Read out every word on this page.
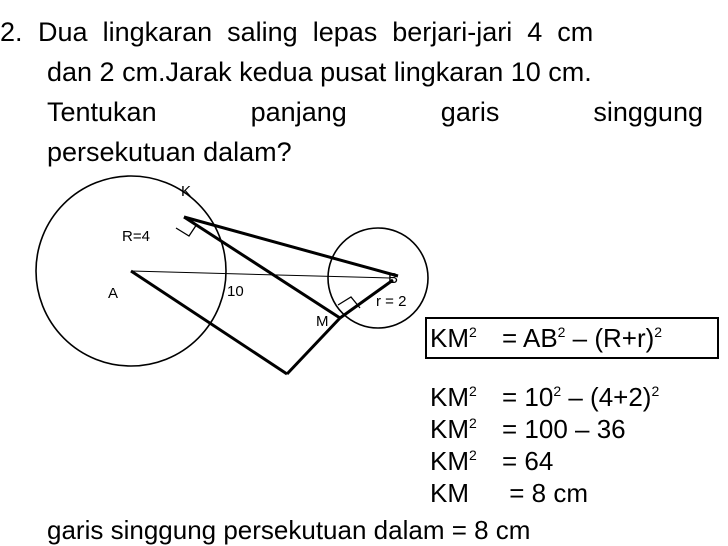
2. Dua  lingkaran  saling  lepas  berjari-jari  4  cm
dan 2 cm.Jarak kedua pusat lingkaran 10 cm.
Tentukan	panjang	garis	singgung
persekutuan dalam?
K
R=4
A	10
B
r = 2
M
$KM^2 = AB^2 - (R+r)^2$
$KM^2 = 10^2 - (4+2)^2$
$KM^2 = 100 - 36$
$KM^2 = 64$
KM = 8 cm
garis singgung persekutuan dalam = 8 cm
